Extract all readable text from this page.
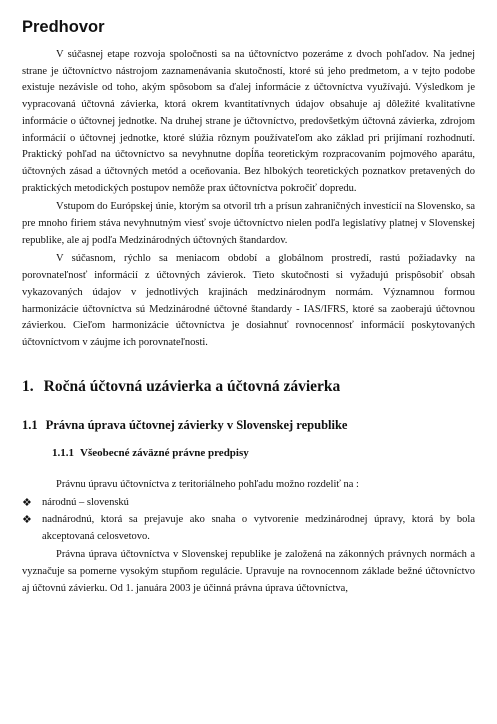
Predhovor

V súčasnej etape rozvoja spoločnosti sa na účtovníctvo pozeráme z dvoch pohľadov. Na jednej strane je účtovníctvo nástrojom zaznamenávania skutočností, ktoré sú jeho predmetom, a v tejto podobe existuje nezávisle od toho, akým spôsobom sa ďalej informácie z účtovníctva využívajú. Výsledkom je vypracovaná účtovná závierka, ktorá okrem kvantitatívnych údajov obsahuje aj dôležité kvalitatívne informácie o účtovnej jednotke. Na druhej strane je účtovníctvo, predovšetkým účtovná závierka, zdrojom informácií o účtovnej jednotke, ktoré slúžia rôznym používateľom ako základ pri prijímaní rozhodnutí. Praktický pohľad na účtovníctvo sa nevyhnutne dopĺňa teoretickým rozpracovaním pojmového aparátu, účtovných zásad a účtovných metód a oceňovania. Bez hlbokých teoretických poznatkov pretavených do praktických metodických postupov nemôže prax účtovníctva pokročiť dopredu.

Vstupom do Európskej únie, ktorým sa otvoril trh a prísun zahraničných investícií na Slovensko, sa pre mnoho firiem stáva nevyhnutným viesť svoje účtovníctvo nielen podľa legislatívy platnej v Slovenskej republike, ale aj podľa Medzinárodných účtovných štandardov.

V súčasnom, rýchlo sa meniacom období a globálnom prostredí, rastú požiadavky na porovnateľnosť informácií z účtovných závierok. Tieto skutočnosti si vyžadujú prispôsobiť obsah vykazovaných údajov v jednotlivých krajinách medzinárodnym normám. Významnou formou harmonizácie účtovníctva sú Medzinárodné účtovné štandardy - IAS/IFRS, ktoré sa zaoberajú účtovnou závierkou. Cieľom harmonizácie účtovníctva je dosiahnuť rovnocennosť informácií poskytovaných účtovníctvom v záujme ich porovnateľnosti.

1. Ročná účtovná uzávierka a účtovná závierka
1.1 Právna úprava účtovnej závierky v Slovenskej republike
1.1.1 Všeobecné záväzné právne predpisy

Právnu úpravu účtovníctva z teritoriálneho pohľadu možno rozdeliť na :

❖ národnú – slovenskú
❖ nadnárodnú, ktorá sa prejavuje ako snaha o vytvorenie medzinárodnej úpravy, ktorá by bola akceptovaná celosvetovo.

Právna úprava účtovníctva v Slovenskej republike je založená na zákonných právnych normách a vyznačuje sa pomerne vysokým stupňom regulácie. Upravuje na rovnocennom základe bežné účtovníctvo aj účtovnú závierku. Od 1. januára 2003 je účinná právna úprava účtovníctva,
